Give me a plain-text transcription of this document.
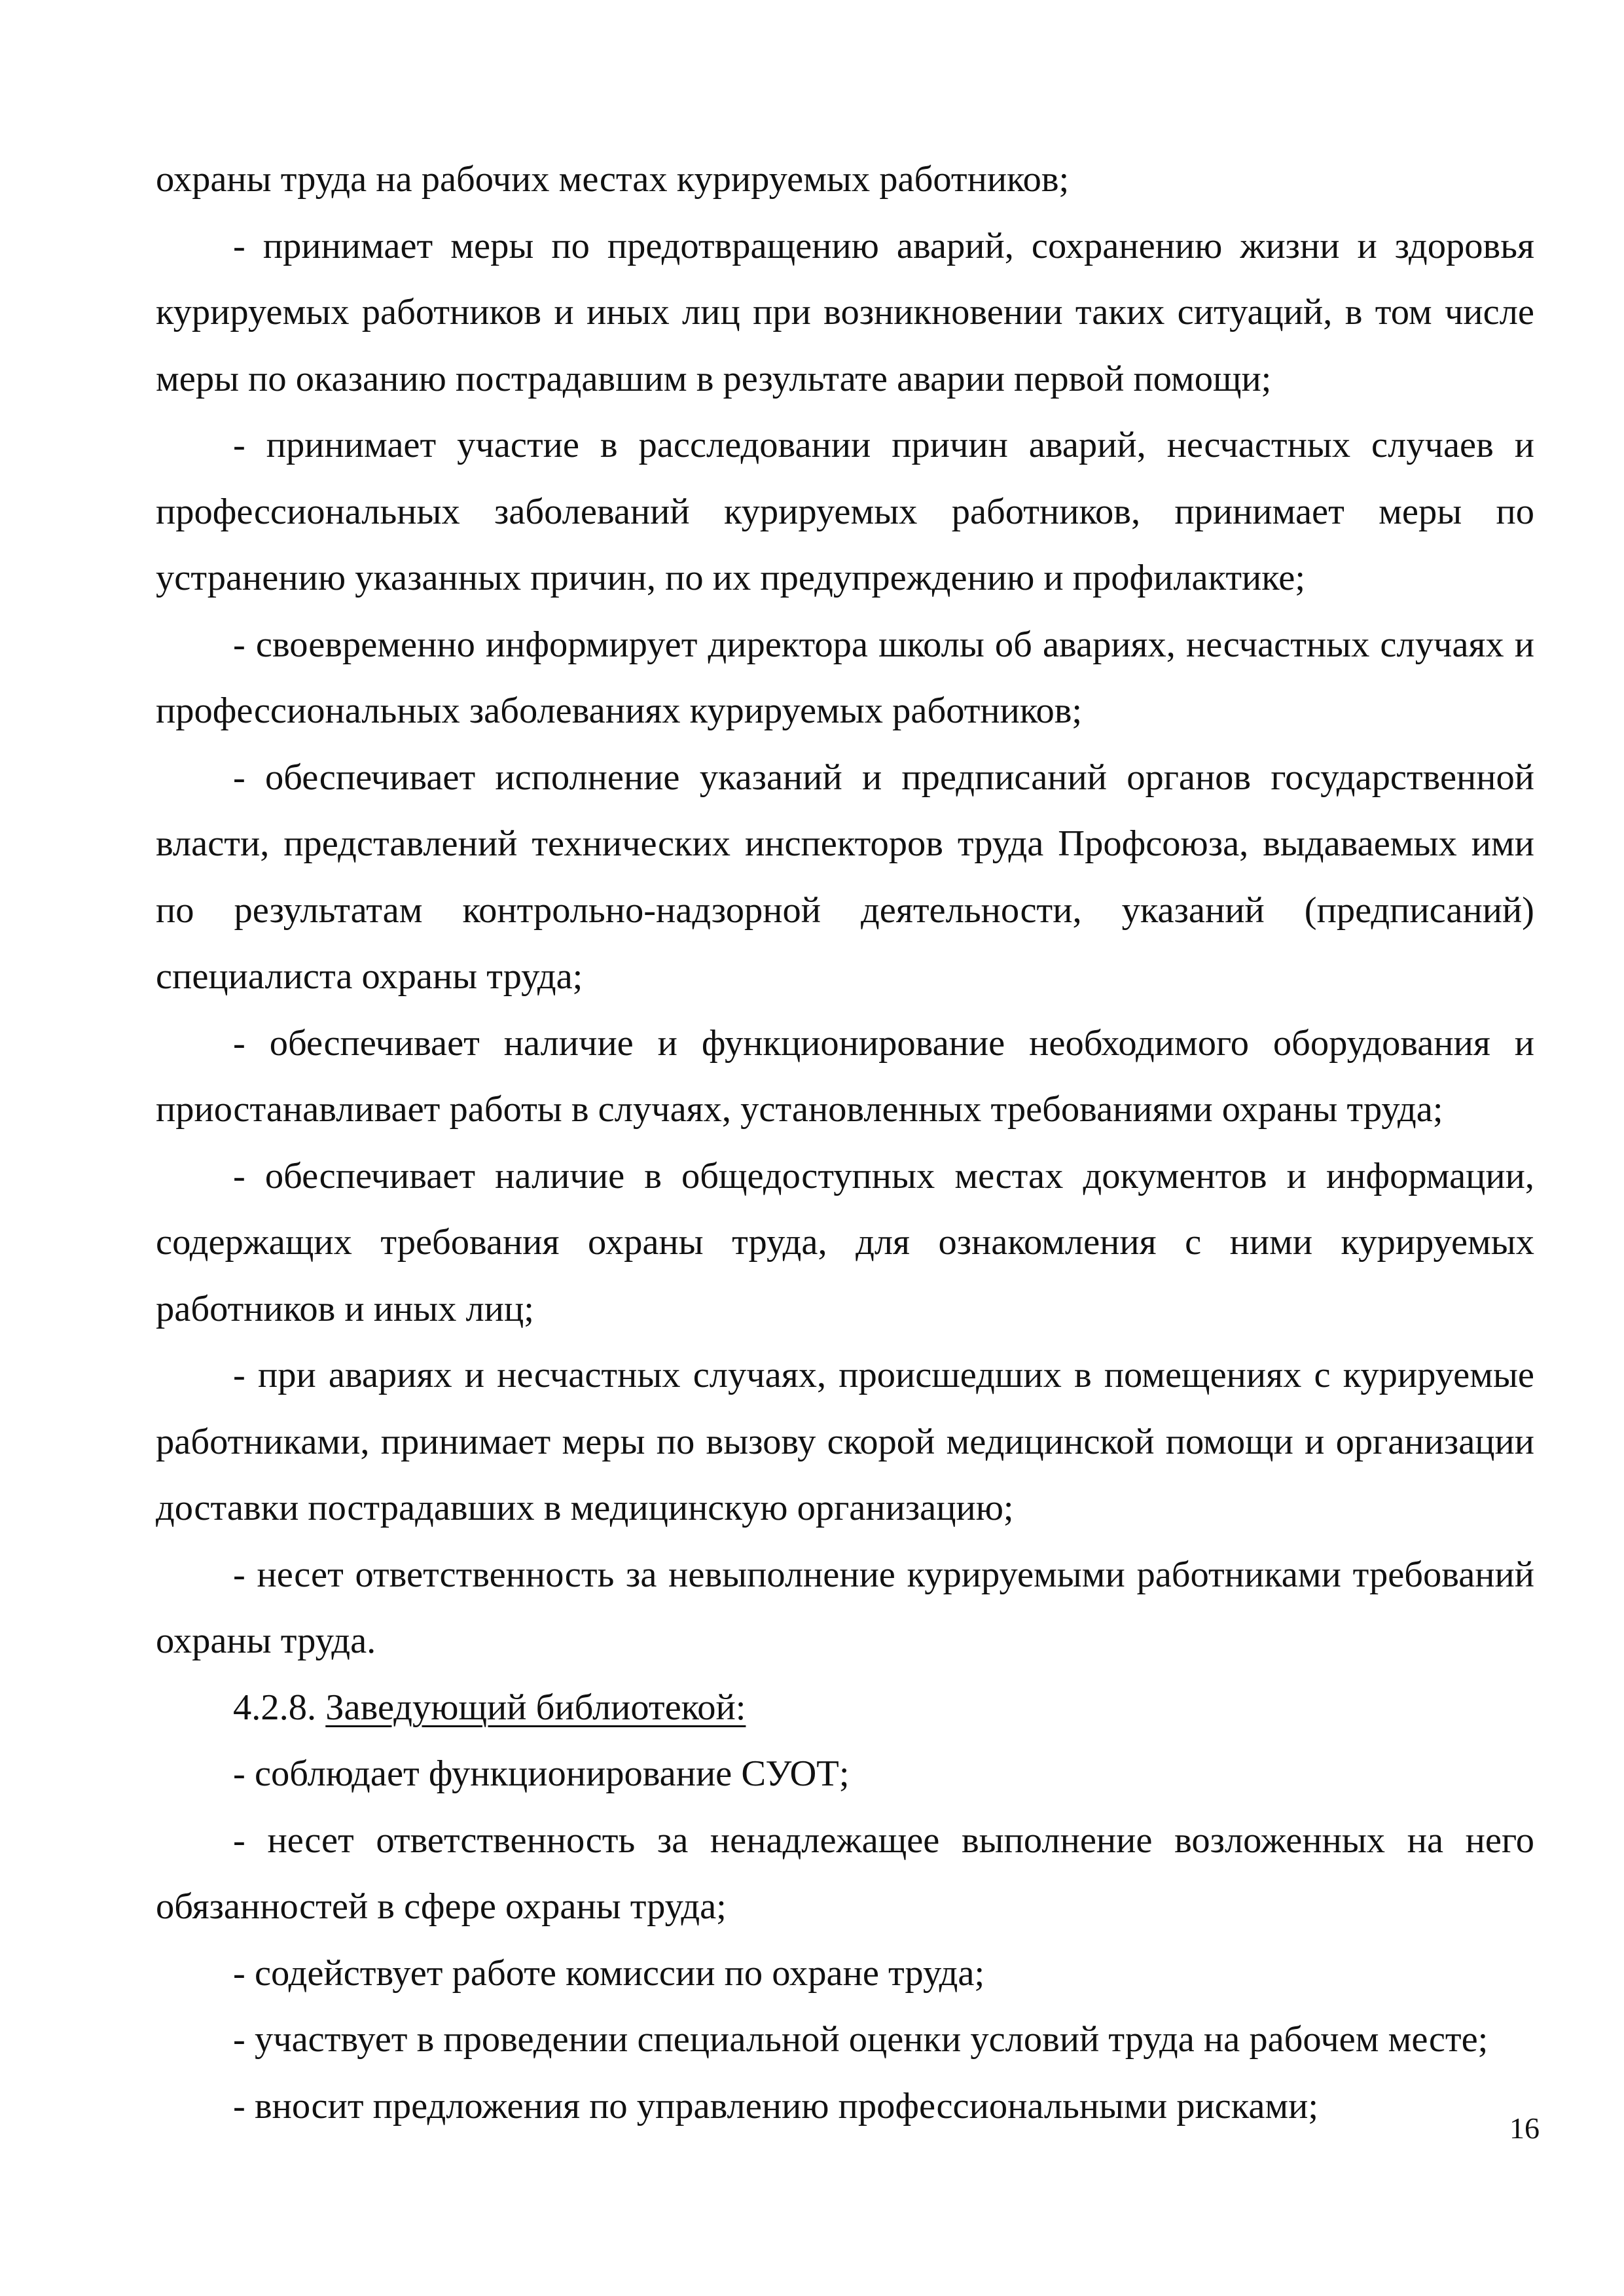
охраны труда на рабочих местах курируемых работников;

- принимает меры по предотвращению аварий, сохранению жизни и здоровья курируемых работников и иных лиц при возникновении таких ситуаций, в том числе меры по оказанию пострадавшим в результате аварии первой помощи;

- принимает участие в расследовании причин аварий, несчастных случаев и профессиональных заболеваний курируемых работников, принимает меры по устранению указанных причин, по их предупреждению и профилактике;

- своевременно информирует директора школы об авариях, несчастных случаях и профессиональных заболеваниях курируемых работников;

- обеспечивает исполнение указаний и предписаний органов государственной власти, представлений технических инспекторов труда Профсоюза, выдаваемых ими по результатам контрольно-надзорной деятельности, указаний (предписаний) специалиста охраны труда;

- обеспечивает наличие и функционирование необходимого оборудования и приостанавливает работы в случаях, установленных требованиями охраны труда;

- обеспечивает наличие в общедоступных местах документов и информации, содержащих требования охраны труда, для ознакомления с ними курируемых работников и иных лиц;

- при авариях и несчастных случаях, происшедших в помещениях с курируемые работниками, принимает меры по вызову скорой медицинской помощи и организации доставки пострадавших в медицинскую организацию;

- несет ответственность за невыполнение курируемыми работниками требований охраны труда.

4.2.8. Заведующий библиотекой:

- соблюдает функционирование СУОТ;

- несет ответственность за ненадлежащее выполнение возложенных на него обязанностей в сфере охраны труда;

- содействует работе комиссии по охране труда;

- участвует в проведении специальной оценки условий труда на рабочем месте;

- вносит предложения по управлению профессиональными рисками;

16
